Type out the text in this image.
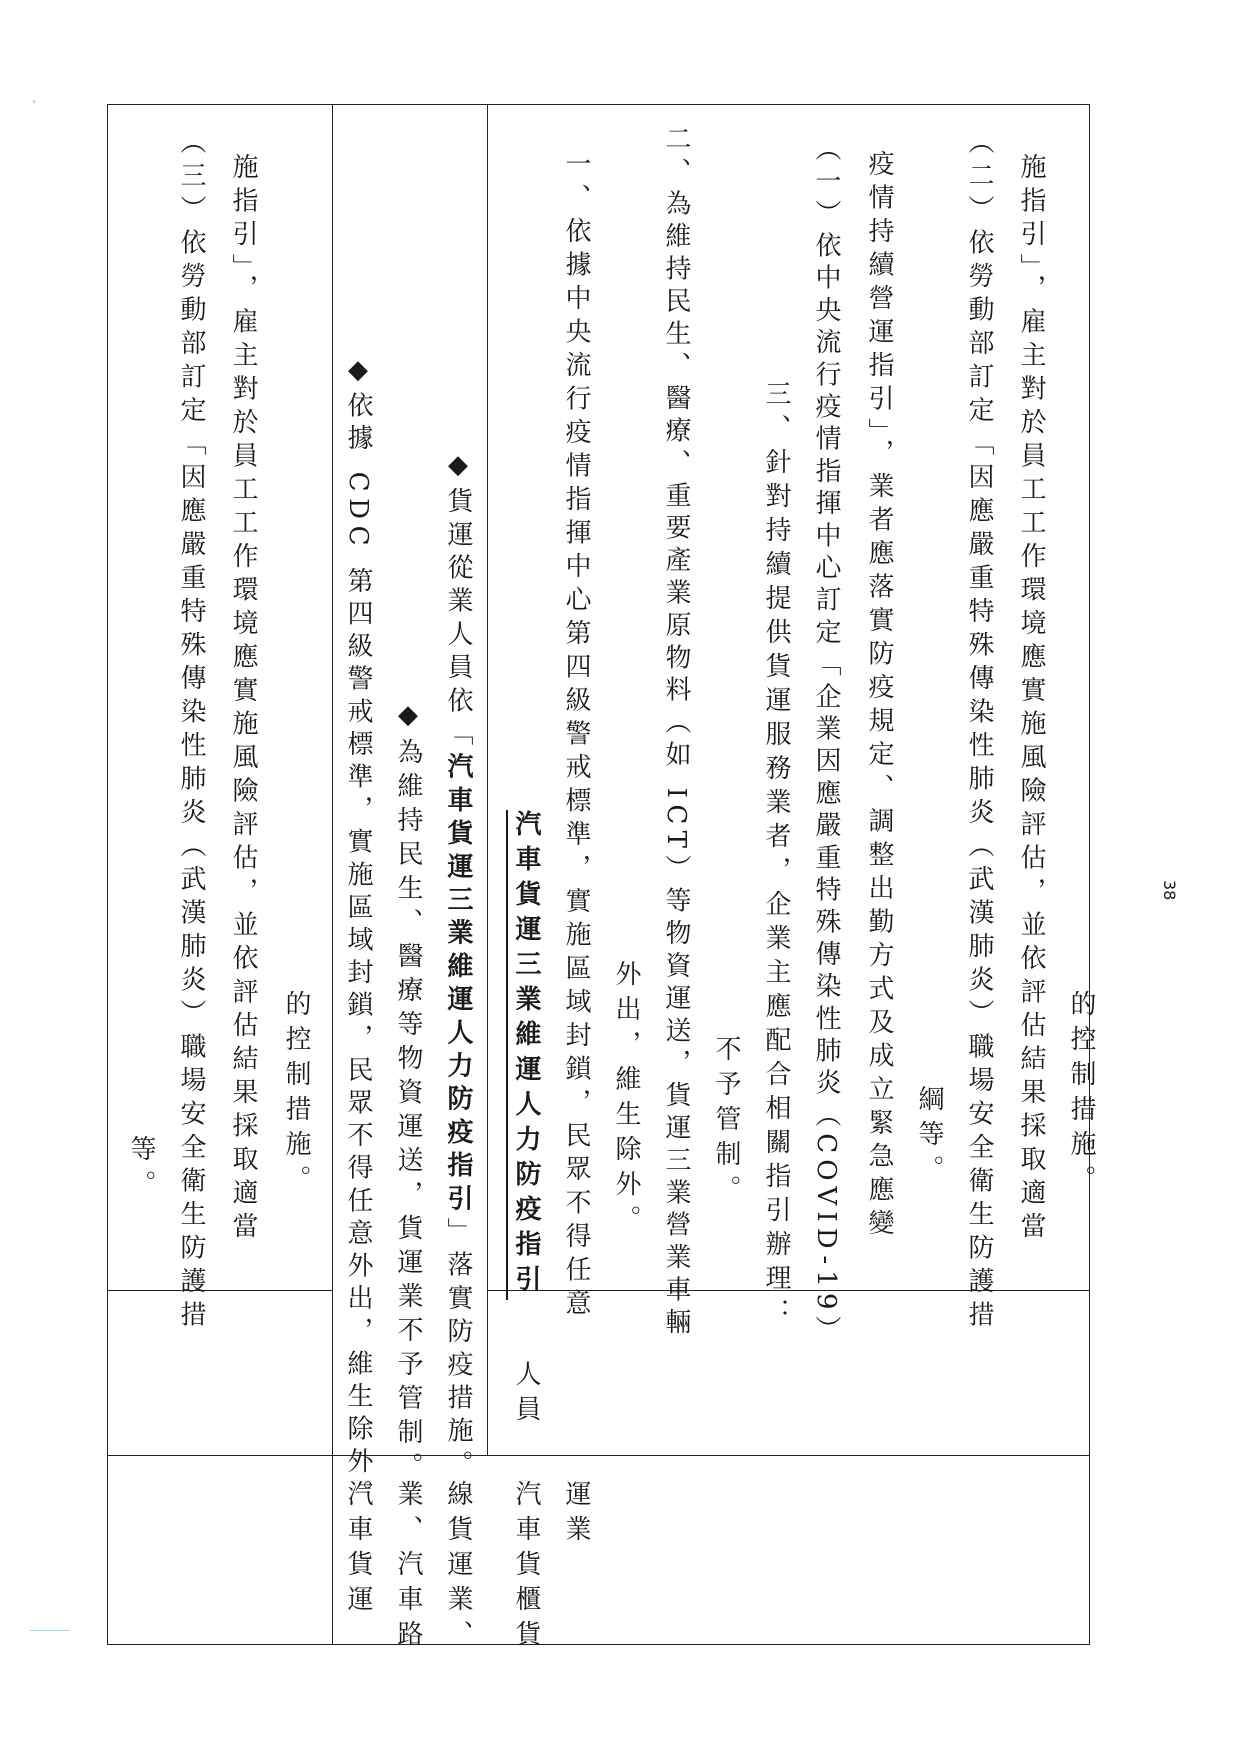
等。 （三）依勞動部訂定「因應嚴重特殊傳染性肺炎（武漢肺炎）職場安全衛生防護措 施指引」，雇主對於員工工作環境應實施風險評估，並依評估結果採取適當 的控制措施。
汽車貨運 業、汽車路 線貨運業、 汽車貨櫃貨 運業
◆依據 CDC 第四級警戒標準，實施區域封鎖，民眾不得任意外出，維生除外。 ◆為維持民生、醫療等物資運送，貨運業不予管制。
◆貨運從業人員依「汽車貨運三業維運人力防疫指引」落實防疫措施。 人員
汽車貨運三業維運人力防疫指引 一、依據中央流行疫情指揮中心第四級警戒標準，實施區域封鎖，民眾不得任意 外出，維生除外。 二、為維持民生、醫療、重要產業原物料（如 ICT）等物資運送，貨運三業營業車輛 不予管制。 三、針對持續提供貨運服務業者，企業主應配合相關指引辦理： （一）依中央流行疫情指揮中心訂定「企業因應嚴重特殊傳染性肺炎（COVID-19） 疫情持續營運指引」，業者應落實防疫規定、調整出勤方式及成立緊急應變 綱等。 （二）依勞動部訂定「因應嚴重特殊傳染性肺炎（武漢肺炎）職場安全衛生防護措 施指引」，雇主對於員工工作環境應實施風險評估，並依評估結果採取適當 的控制措施。
38
